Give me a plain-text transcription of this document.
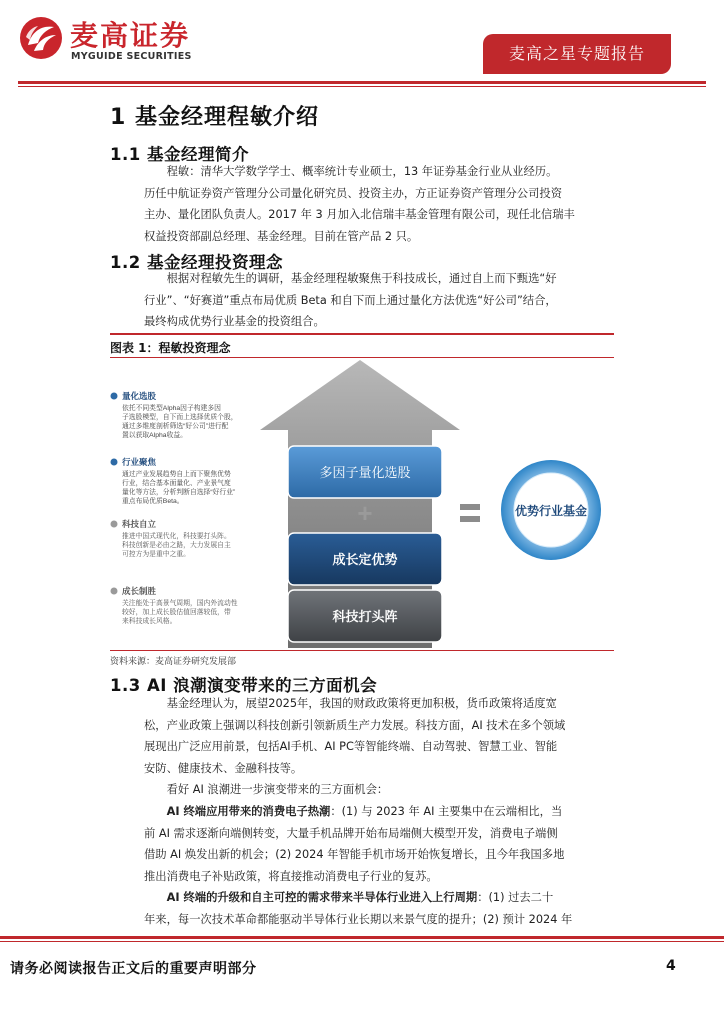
麦高证券
MYGUIDE SECURITIES	麦高之星专题报告
1 基金经理程敏介绍
1.1 基金经理简介
程敏：清华大学数学学士、概率统计专业硕士，13 年证券基金行业从业经历。
历任中航证券资产管理分公司量化研究员、投资主办，方正证券资产管理分公司投资
主办、量化团队负责人。2017 年 3 月加入北信瑞丰基金管理有限公司，现任北信瑞丰
权益投资部副总经理、基金经理。目前在管产品 2 只。
1.2 基金经理投资理念
根据对程敏先生的调研，基金经理程敏聚焦于科技成长，通过自上而下甄选“好
行业”、“好赛道”重点布局优质 Beta 和自下而上通过量化方法优选“好公司”结合，
最终构成优势行业基金的投资组合。
图表 1：程敏投资理念
量化选股
依托不同类型Alpha因子构建多因
子选股模型，自下而上选择优质个股，
通过多维度剖析筛选“好公司”进行配
置以获取Alpha收益。
行业聚焦
通过产业发展趋势自上而下聚焦优势
行业，结合基本面量化、产业景气度
量化等方法，分析判断自选择“好行业”
重点布局优质Beta。
科技自立
推进中国式现代化，科技要打头阵。
科技创新是必由之路，大力发展自主
可控方为是重中之重。
成长制胜
关注能处于高景气周期，国内外流动性
较好，加上成长股估值回落较低，带
来科技成长风格。
多因子量化选股
+
成长定优势
科技打头阵
优势行业基金
资料来源：麦高证券研究发展部
1.3 AI 浪潮演变带来的三方面机会
基金经理认为，展望2025年，我国的财政政策将更加积极，货币政策将适度宽
松，产业政策上强调以科技创新引领新质生产力发展。科技方面，AI 技术在多个领域
展现出广泛应用前景，包括AI手机、AI PC等智能终端、自动驾驶、智慧工业、智能
安防、健康技术、金融科技等。
看好 AI 浪潮进一步演变带来的三方面机会：
AI 终端应用带来的消费电子热潮：(1) 与 2023 年 AI 主要集中在云端相比，当
前 AI 需求逐渐向端侧转变，大量手机品牌开始布局端侧大模型开发，消费电子端侧
借助 AI 焕发出新的机会；(2) 2024 年智能手机市场开始恢复增长，且今年我国多地
推出消费电子补贴政策，将直接推动消费电子行业的复苏。
AI 终端的升级和自主可控的需求带来半导体行业进入上行周期：(1) 过去二十
年来，每一次技术革命都能驱动半导体行业长期以来景气度的提升；(2) 预计 2024 年
请务必阅读报告正文后的重要声明部分	4
